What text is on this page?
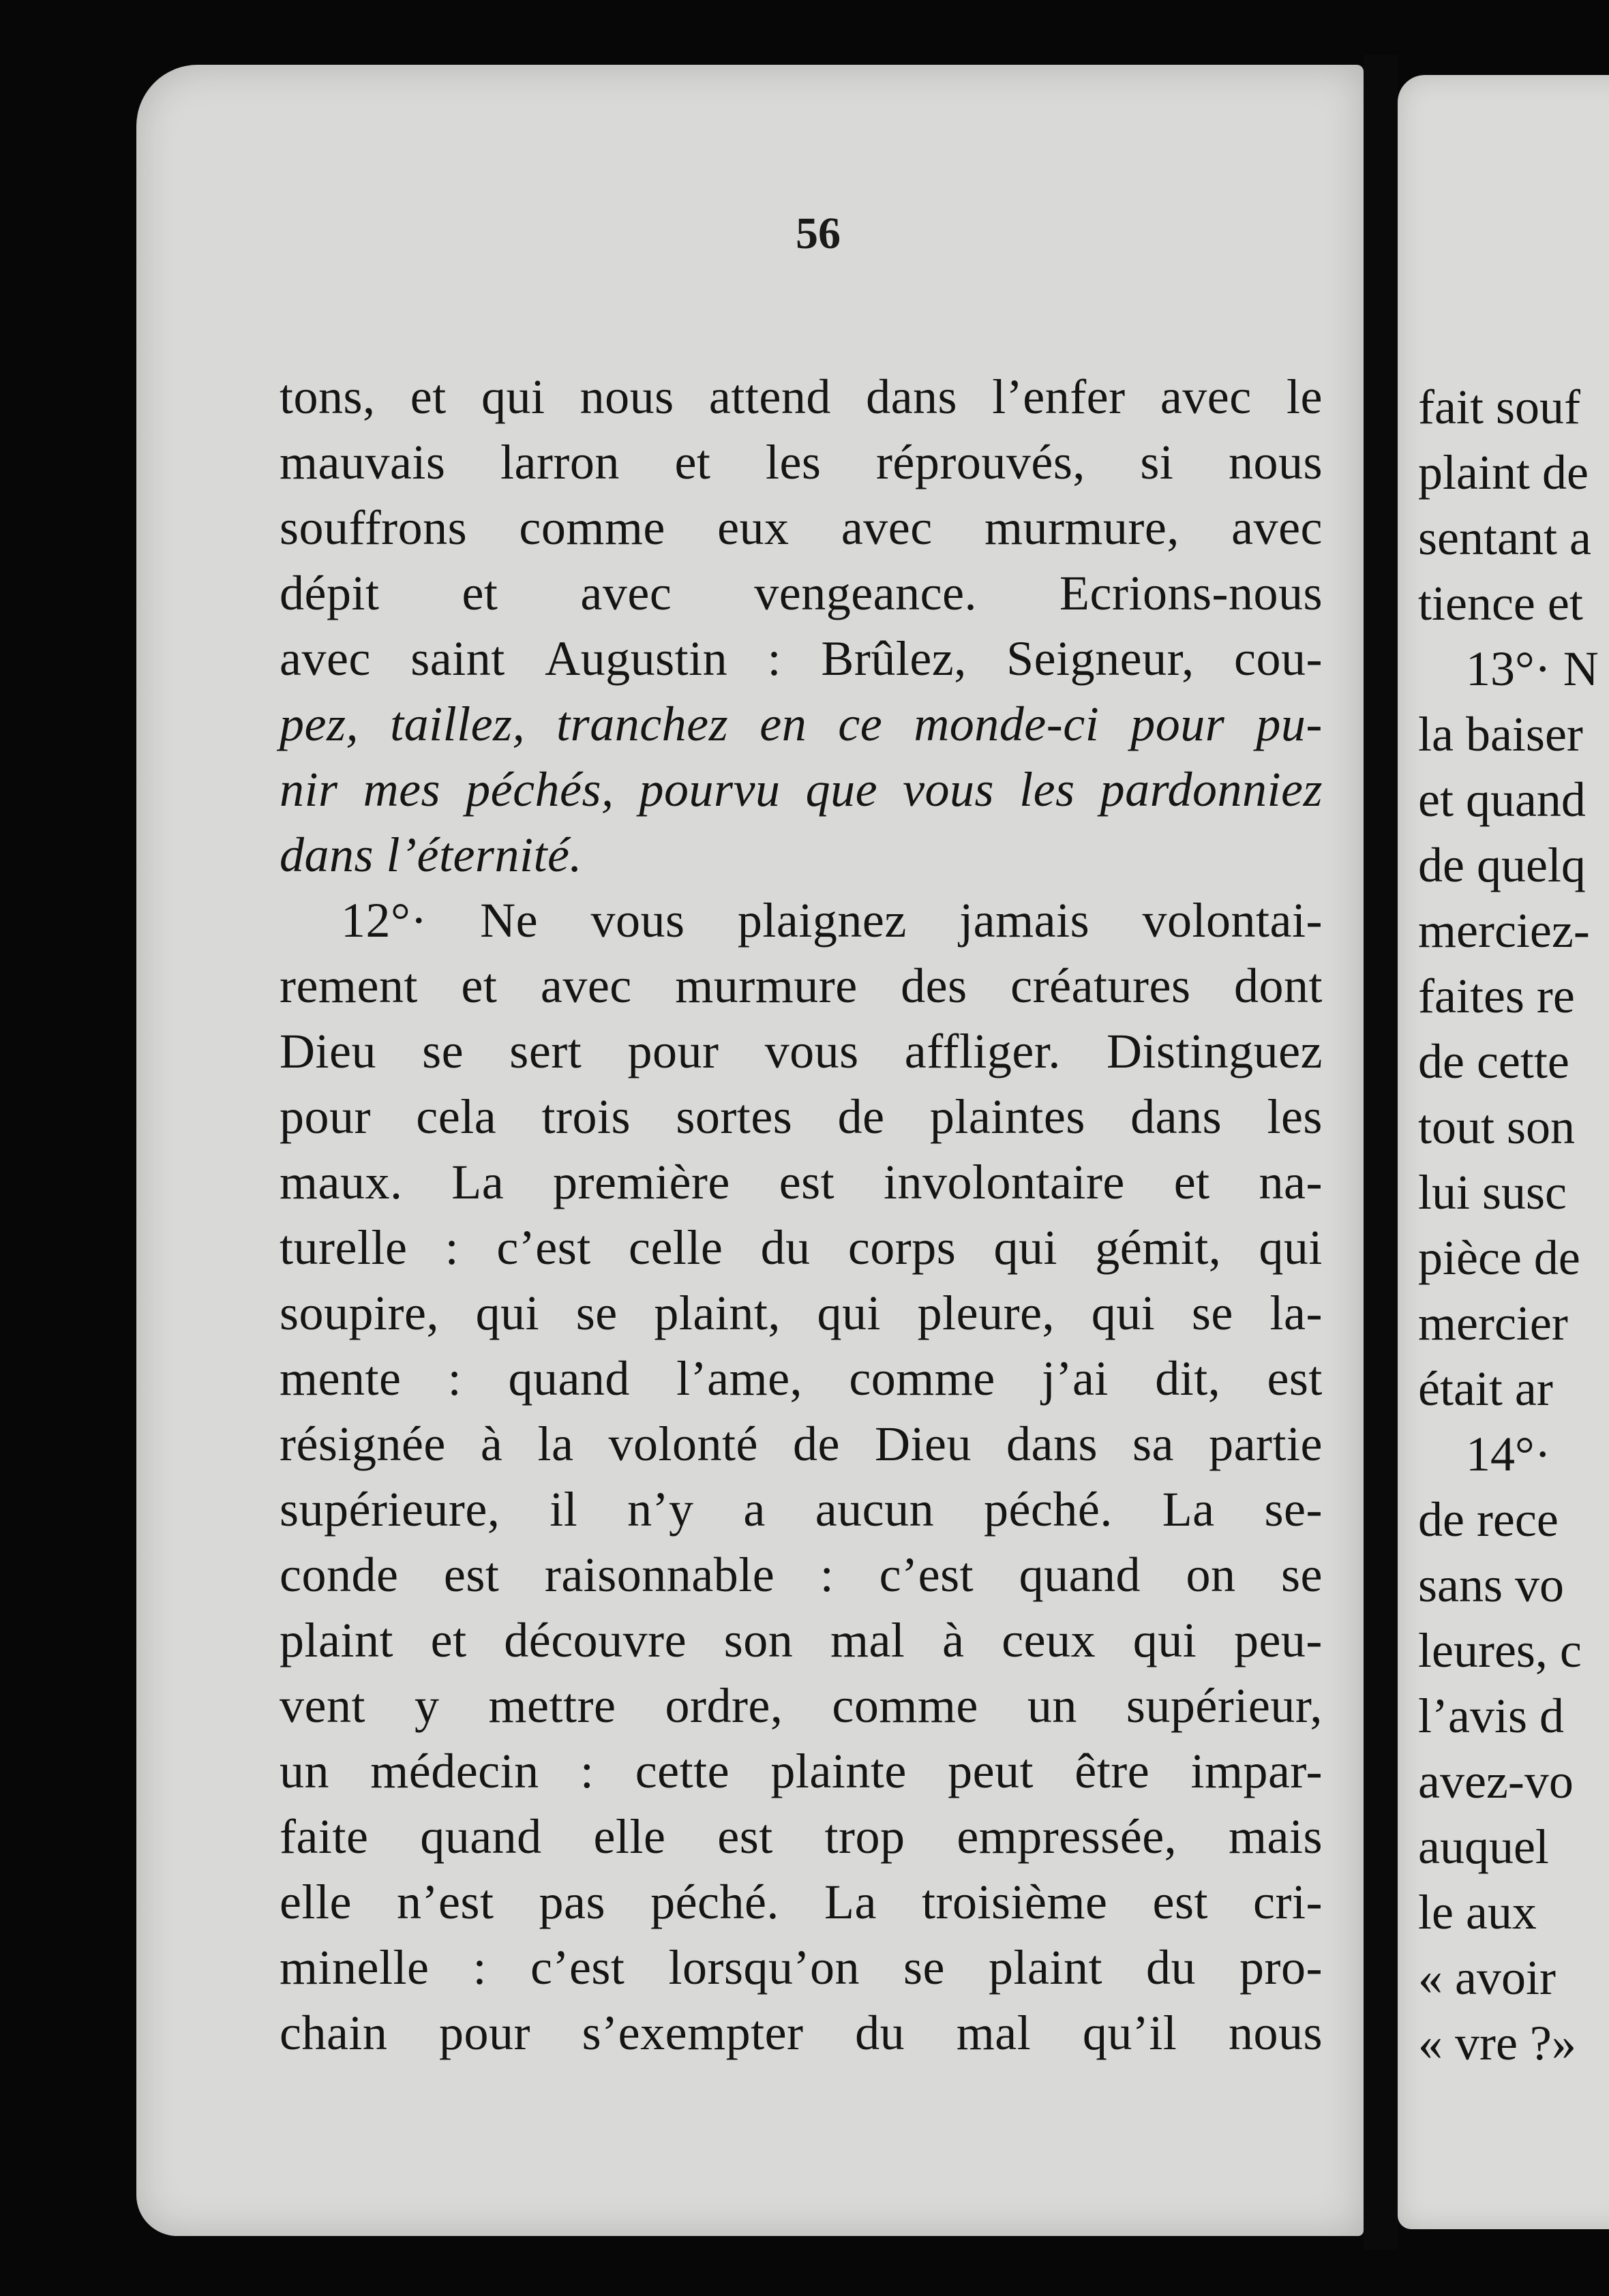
56
tons, et qui nous attend dans l’enfer avec le
mauvais larron et les réprouvés, si nous
souffrons comme eux avec murmure, avec
dépit et avec vengeance. Ecrions-nous
avec saint Augustin : Brûlez, Seigneur, cou-
pez, taillez, tranchez en ce monde-ci pour pu-
nir mes péchés, pourvu que vous les pardonniez
dans l’éternité.
12°· Ne vous plaignez jamais volontai-
rement et avec murmure des créatures dont
Dieu se sert pour vous affliger. Distinguez
pour cela trois sortes de plaintes dans les
maux. La première est involontaire et na-
turelle : c’est celle du corps qui gémit, qui
soupire, qui se plaint, qui pleure, qui se la-
mente : quand l’ame, comme j’ai dit, est
résignée à la volonté de Dieu dans sa partie
supérieure, il n’y a aucun péché. La se-
conde est raisonnable : c’est quand on se
plaint et découvre son mal à ceux qui peu-
vent y mettre ordre, comme un supérieur,
un médecin : cette plainte peut être impar-
faite quand elle est trop empressée, mais
elle n’est pas péché. La troisième est cri-
minelle : c’est lorsqu’on se plaint du pro-
chain pour s’exempter du mal qu’il nous
fait souf
plaint de
sentant a
tience et
13°· N
la baiser
et quand
de quelq
merciez-
faites re
de cette
tout son
lui susc
pièce de
mercier
était ar
14°·
de rece
sans vo
leures, c
l’avis d
avez-vo
auquel
le aux
« avoir
« vre ?»
